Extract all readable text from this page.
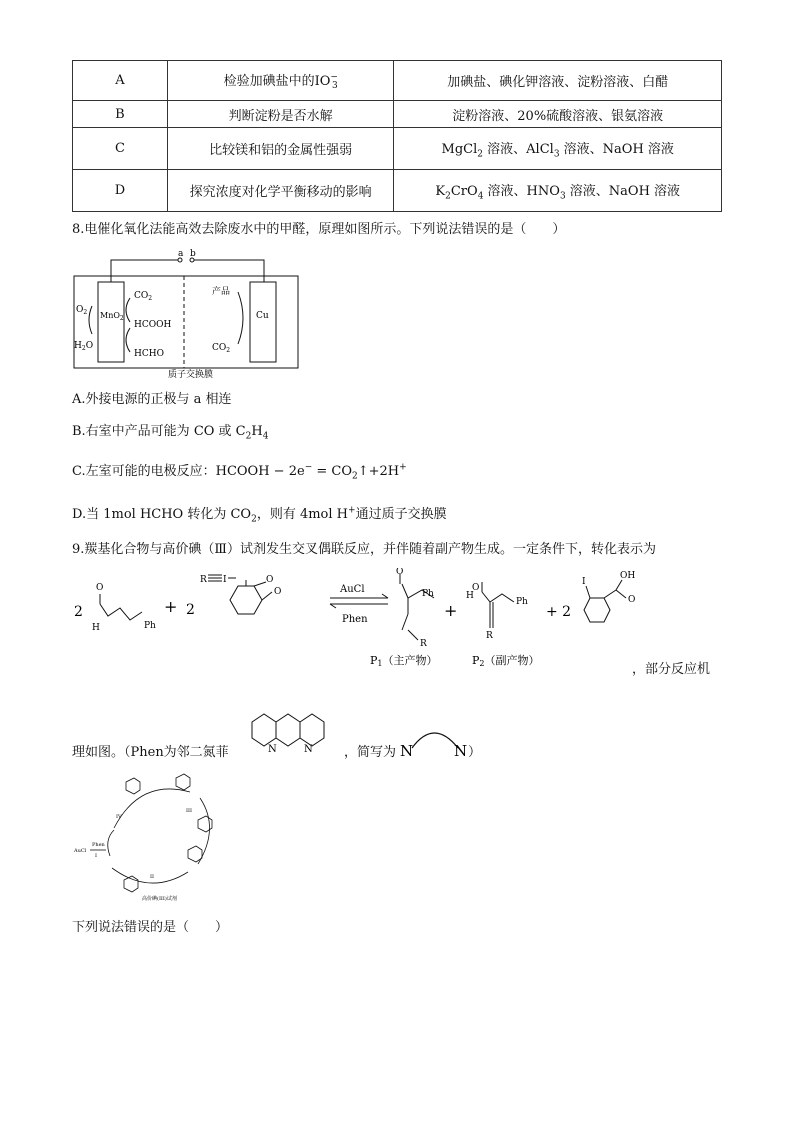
A	检验加碘盐中的$IO^-_3$	加碘盐、碘化钾溶液、淀粉溶液、白醋
B	判断淀粉是否水解	淀粉溶液、20%硫酸溶液、银氨溶液
C	比较镁和铝的金属性强弱	MgCl$_2$ 溶液、AlCl$_3$ 溶液、NaOH 溶液
D	探究浓度对化学平衡移动的影响	$K_2CrO_4$ 溶液、$HNO_3$ 溶液、NaOH 溶液
8.电催化氧化法能高效去除废水中的甲醛，原理如图所示。下列说法错误的是（　　）
a b
$O_2$
$H_2O$
MnO$_2$
$CO_2$
HCOOH
HCHO
产品
$CO_2$
Cu
质子交换膜
A.外接电源的正极与 a 相连
B.右室中产品可能为 CO 或 $C_2H_4$
C.左室可能的电极反应：HCOOH − $2e^- = CO_2↑+2H^+$
D.当 1mol HCHO 转化为 $CO_2$，则有 4mol H+通过质子交换膜
9.羰基化合物与高价碘（Ⅲ）试剂发生交叉偶联反应，并伴随着副产物生成。一定条件下，转化表示为
2
O
H	Ph
+ 2
R I	O
O	AuCl
Phen
O
Ph
R
+
O
H
Ph
R
+ 2
I
OH
O
P1（主产物）	P2（副产物）
，部分反应机
理如图。（Phen为邻二氮菲	N	N ，简写为 N	N ）
AuCl
Phen
I
II
III
IV
高价碘(III)试剂
下列说法错误的是（　　）
